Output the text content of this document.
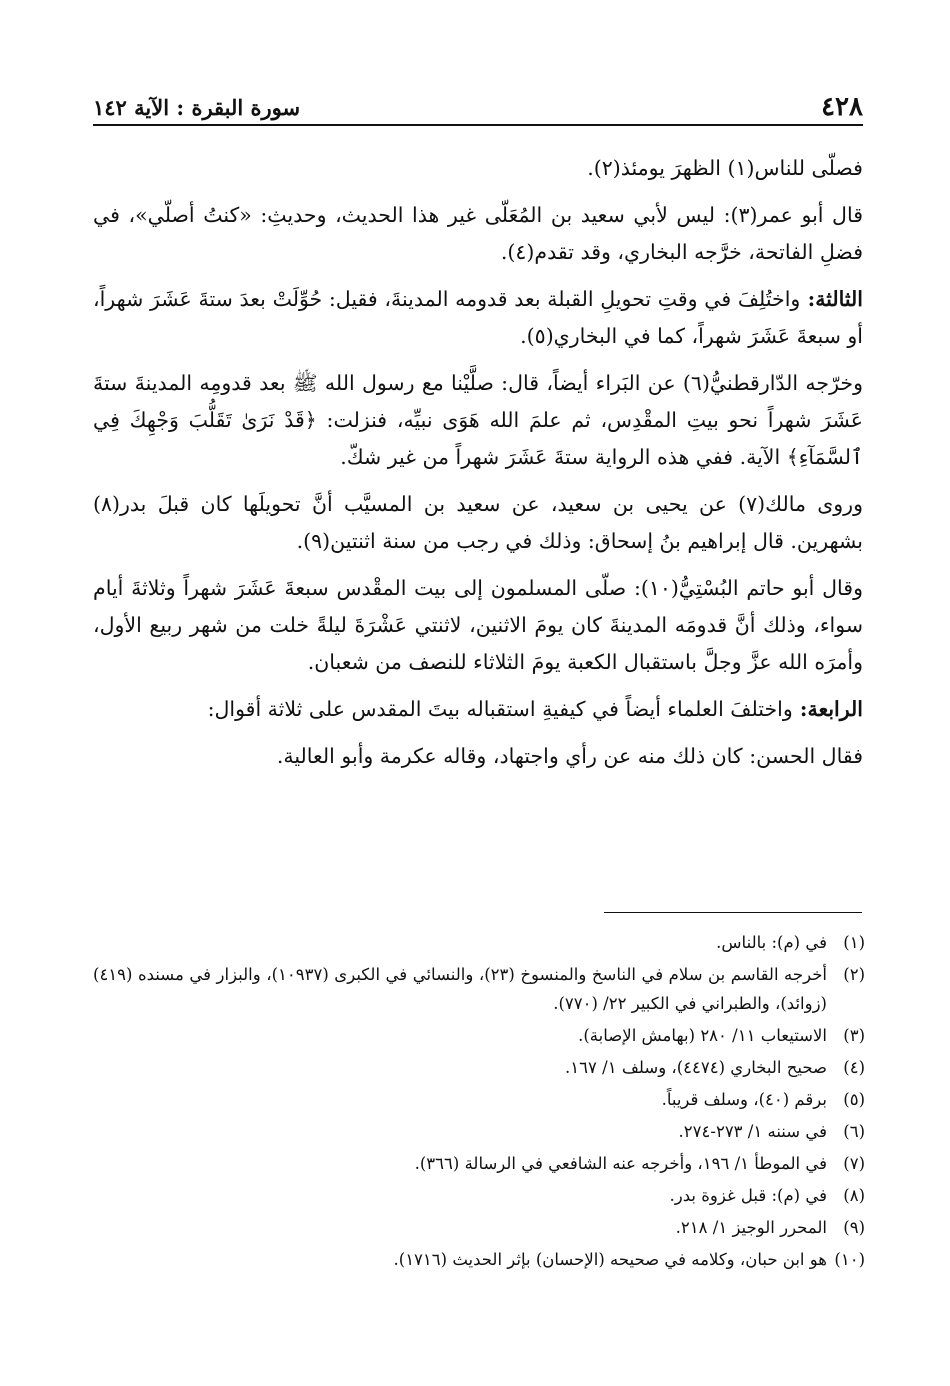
٤٢٨
سورة البقرة : الآية ١٤٢

فصلّى للناس(١) الظهرَ يومئذ(٢).

قال أبو عمر(٣): ليس لأبي سعيد بن المُعَلّى غير هذا الحديث، وحديثِ: «كنتُ أصلّي»، في فضلِ الفاتحة، خرَّجه البخاري، وقد تقدم(٤).

الثالثة: واختُلِفَ في وقتِ تحويلِ القبلة بعد قدومه المدينةَ، فقيل: حُوِّلَتْ بعدَ ستةَ عَشَرَ شهراً، أو سبعةَ عَشَرَ شهراً، كما في البخاري(٥).

وخرّجه الدّارقطنيُّ(٦) عن البَراء أيضاً، قال: صلَّيْنا مع رسول الله ﷺ بعد قدومِه المدينةَ ستةَ عَشَرَ شهراً نحو بيتِ المقْدِس، ثم علمَ الله هَوَى نبيِّه، فنزلت: ﴿قَدْ نَرَىٰ تَقَلُّبَ وَجْهِكَ فِي ٱلسَّمَآءِ﴾ الآية. ففي هذه الرواية ستةَ عَشَرَ شهراً من غير شكّ.

وروى مالك(٧) عن يحيى بن سعيد، عن سعيد بن المسيَّب أنَّ تحويلَها كان قبلَ بدر(٨) بشهرين. قال إبراهيم بنُ إسحاق: وذلك في رجب من سنة اثنتين(٩).

وقال أبو حاتم البُسْتِيُّ(١٠): صلّى المسلمون إلى بيت المقْدس سبعةَ عَشَرَ شهراً وثلاثةَ أيام سواء، وذلك أنَّ قدومَه المدينةَ كان يومَ الاثنين، لاثنتي عَشْرَةَ ليلةً خلت من شهر ربيع الأول، وأمرَه الله عزَّ وجلَّ باستقبال الكعبة يومَ الثلاثاء للنصف من شعبان.

الرابعة: واختلفَ العلماء أيضاً في كيفيةِ استقباله بيتَ المقدس على ثلاثة أقوال:

فقال الحسن: كان ذلك منه عن رأي واجتهاد، وقاله عكرمة وأبو العالية.

(١)
في (م): بالناس.
(٢)
أخرجه القاسم بن سلام في الناسخ والمنسوخ (٢٣)، والنسائي في الكبرى (١٠٩٣٧)، والبزار في مسنده (٤١٩) (زوائد)، والطبراني في الكبير ٢٢/ (٧٧٠).
(٣)
الاستيعاب ١١/ ٢٨٠ (بهامش الإصابة).
(٤)
صحيح البخاري (٤٤٧٤)، وسلف ١/ ١٦٧.
(٥)
برقم (٤٠)، وسلف قريباً.
(٦)
في سننه ١/ ٢٧٣-٢٧٤.
(٧)
في الموطأ ١/ ١٩٦، وأخرجه عنه الشافعي في الرسالة (٣٦٦).
(٨)
في (م): قبل غزوة بدر.
(٩)
المحرر الوجيز ١/ ٢١٨.
(١٠)
هو ابن حبان، وكلامه في صحيحه (الإحسان) بإثر الحديث (١٧١٦).
